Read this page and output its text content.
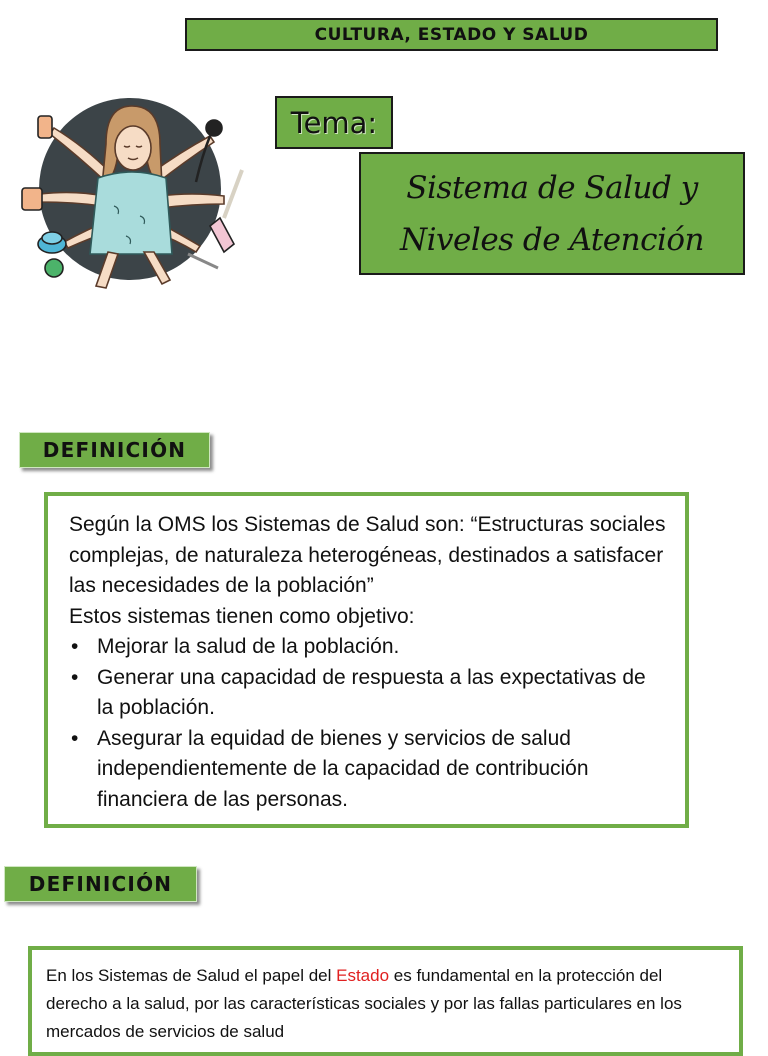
CULTURA, ESTADO Y SALUD
Tema:
Sistema de Salud y
Niveles de Atención
DEFINICIÓN

Según la OMS los Sistemas de Salud son: “Estructuras sociales complejas, de naturaleza heterogéneas, destinados a satisfacer las necesidades de la población”

Estos sistemas tienen como objetivo:

• Mejorar la salud de la población.
• Generar una capacidad de respuesta a las expectativas de la población.
• Asegurar la equidad de bienes y servicios de salud independientemente de la capacidad de contribución financiera de las personas.
DEFINICIÓN
En los Sistemas de Salud el papel del Estado es fundamental en la protección del derecho a la salud, por las características sociales y por las fallas particulares en los mercados de servicios de salud
